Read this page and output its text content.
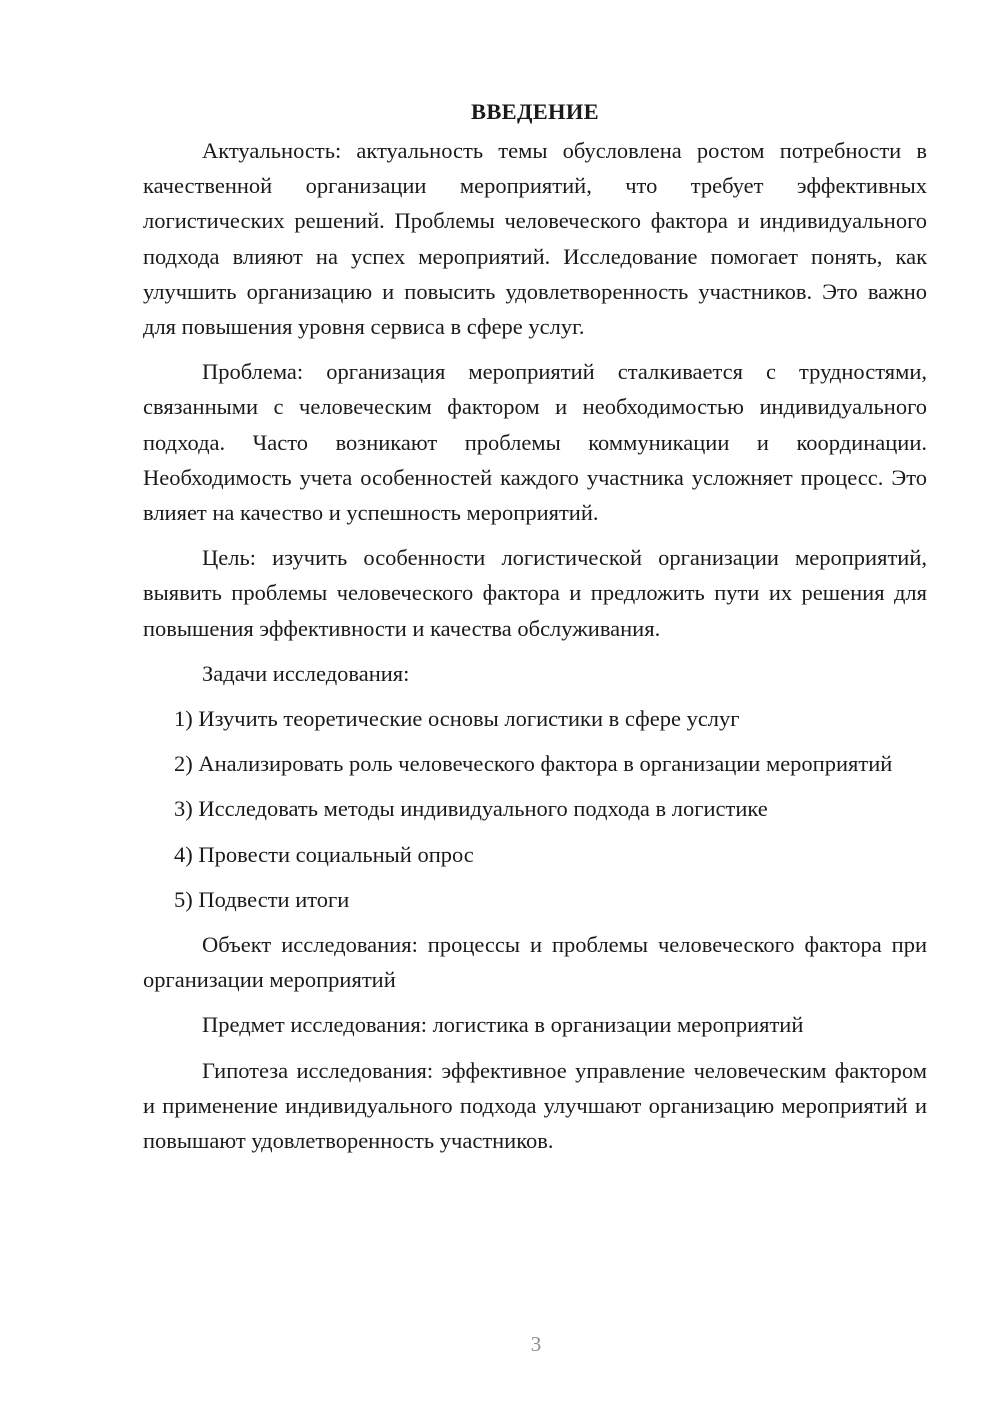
ВВЕДЕНИЕ

Актуальность: актуальность темы обусловлена ростом потребности в качественной организации мероприятий, что требует эффективных логистических решений. Проблемы человеческого фактора и индивидуального подхода влияют на успех мероприятий. Исследование помогает понять, как улучшить организацию и повысить удовлетворенность участников. Это важно для повышения уровня сервиса в сфере услуг.

Проблема: организация мероприятий сталкивается с трудностями, связанными с человеческим фактором и необходимостью индивидуального подхода. Часто возникают проблемы коммуникации и координации. Необходимость учета особенностей каждого участника усложняет процесс. Это влияет на качество и успешность мероприятий.

Цель: изучить особенности логистической организации мероприятий, выявить проблемы человеческого фактора и предложить пути их решения для повышения эффективности и качества обслуживания.

Задачи исследования:

1) Изучить теоретические основы логистики в сфере услуг

2) Анализировать роль человеческого фактора в организации мероприятий

3) Исследовать методы индивидуального подхода в логистике

4) Провести социальный опрос

5) Подвести итоги

Объект исследования: процессы и проблемы человеческого фактора при организации мероприятий

Предмет исследования: логистика в организации мероприятий

Гипотеза исследования: эффективное управление человеческим фактором и применение индивидуального подхода улучшают организацию мероприятий и повышают удовлетворенность участников.

3
